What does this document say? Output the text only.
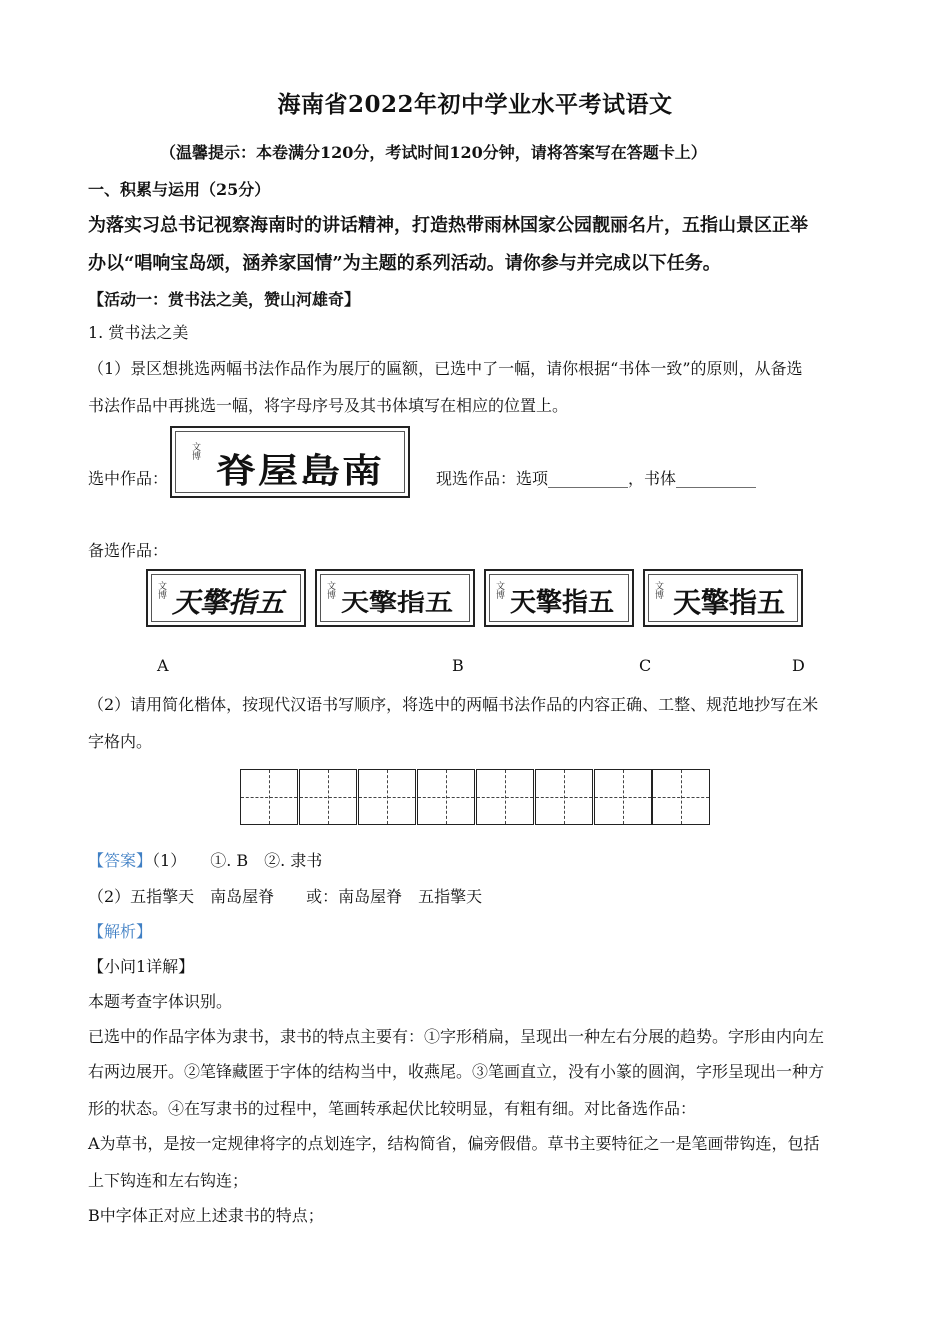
海南省2022年初中学业水平考试语文
（温馨提示：本卷满分120分，考试时间120分钟，请将答案写在答题卡上）
一、积累与运用（25分）
为落实习总书记视察海南时的讲话精神，打造热带雨林国家公园靓丽名片，五指山景区正举
办以“唱响宝岛颂，涵养家国情”为主题的系列活动。请你参与并完成以下任务。
【活动一：赏书法之美，赞山河雄奇】
1. 赏书法之美
（1）景区想挑选两幅书法作品作为展厅的匾额，已选中了一幅，请你根据“书体一致”的原则，从备选
书法作品中再挑选一幅，将字母序号及其书体填写在相应的位置上。
选中作品：
文博
脊屋島南	现选作品：选项__________，书体__________
备选作品：
文博 天擎指五	文博 天擎指五	文博 天擎指五	文博 天擎指五
A	B	C	D
（2）请用简化楷体，按现代汉语书写顺序，将选中的两幅书法作品的内容正确、工整、规范地抄写在米
字格内。
【答案】（1）　　①. B　②. 隶书
（2）五指擎天　南岛屋脊　　或：南岛屋脊　五指擎天
【解析】
【小问1详解】
本题考查字体识别。
已选中的作品字体为隶书，隶书的特点主要有：①字形稍扁，呈现出一种左右分展的趋势。字形由内向左
右两边展开。②笔锋藏匿于字体的结构当中，收燕尾。③笔画直立，没有小篆的圆润，字形呈现出一种方
形的状态。④在写隶书的过程中，笔画转承起伏比较明显，有粗有细。对比备选作品：
A为草书，是按一定规律将字的点划连字，结构简省，偏旁假借。草书主要特征之一是笔画带钩连，包括
上下钩连和左右钩连；
B中字体正对应上述隶书的特点；
